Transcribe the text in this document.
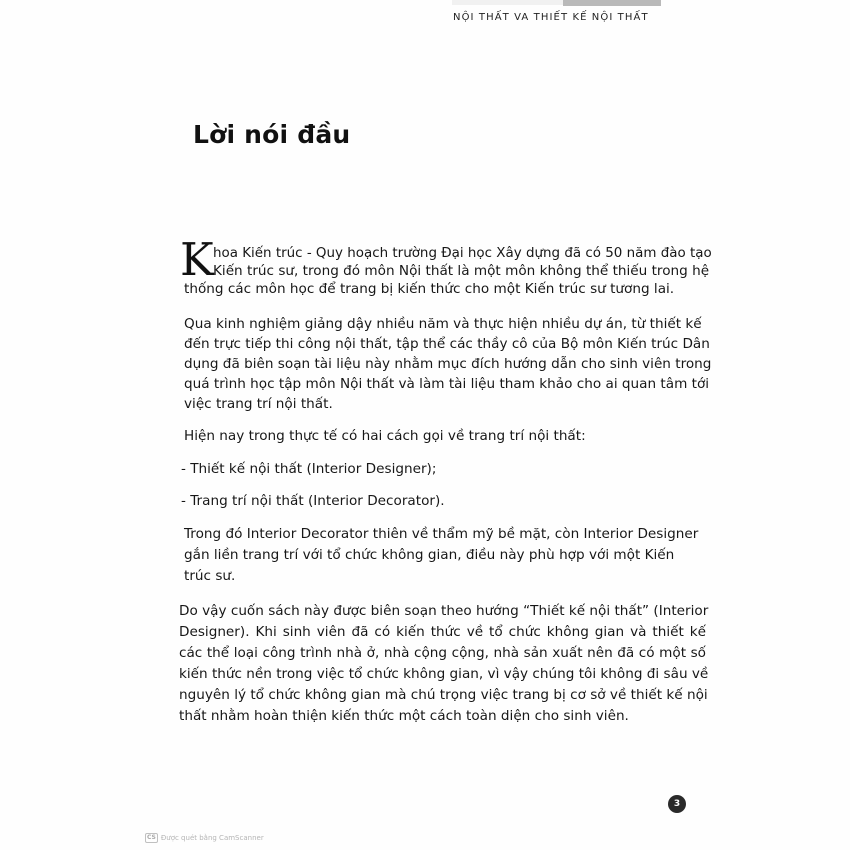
NỘI THẤT VA THIẾT KẾ NỘI THẤT
Lời nói đầu
K hoa Kiến trúc - Quy hoạch trường Đại học Xây dựng đã có 50 năm đào tạo
Kiến trúc sư, trong đó môn Nội thất là một môn không thể thiếu trong hệ
thống các môn học để trang bị kiến thức cho một Kiến trúc sư tương lai.
Qua kinh nghiệm giảng dậy nhiều năm và thực hiện nhiều dự án, từ thiết kế
đến trực tiếp thi công nội thất, tập thể các thầy cô của Bộ môn Kiến trúc Dân
dụng đã biên soạn tài liệu này nhằm mục đích hướng dẫn cho sinh viên trong
quá trình học tập môn Nội thất và làm tài liệu tham khảo cho ai quan tâm tới
việc trang trí nội thất.
Hiện nay trong thực tế có hai cách gọi về trang trí nội thất:
- Thiết kế nội thất (Interior Designer);
- Trang trí nội thất (Interior Decorator).
Trong đó Interior Decorator thiên về thẩm mỹ bề mặt, còn Interior Designer
gắn liền trang trí với tổ chức không gian, điều này phù hợp với một Kiến
trúc sư.
Do vậy cuốn sách này được biên soạn theo hướng “Thiết kế nội thất” (Interior
Designer). Khi sinh viên đã có kiến thức về tổ chức không gian và thiết kế
các thể loại công trình nhà ở, nhà cộng cộng, nhà sản xuất nên đã có một số
kiến thức nền trong việc tổ chức không gian, vì vậy chúng tôi không đi sâu về
nguyên lý tổ chức không gian mà chú trọng việc trang bị cơ sở về thiết kế nội
thất nhằm hoàn thiện kiến thức một cách toàn diện cho sinh viên.
3
CS Được quét bằng CamScanner
